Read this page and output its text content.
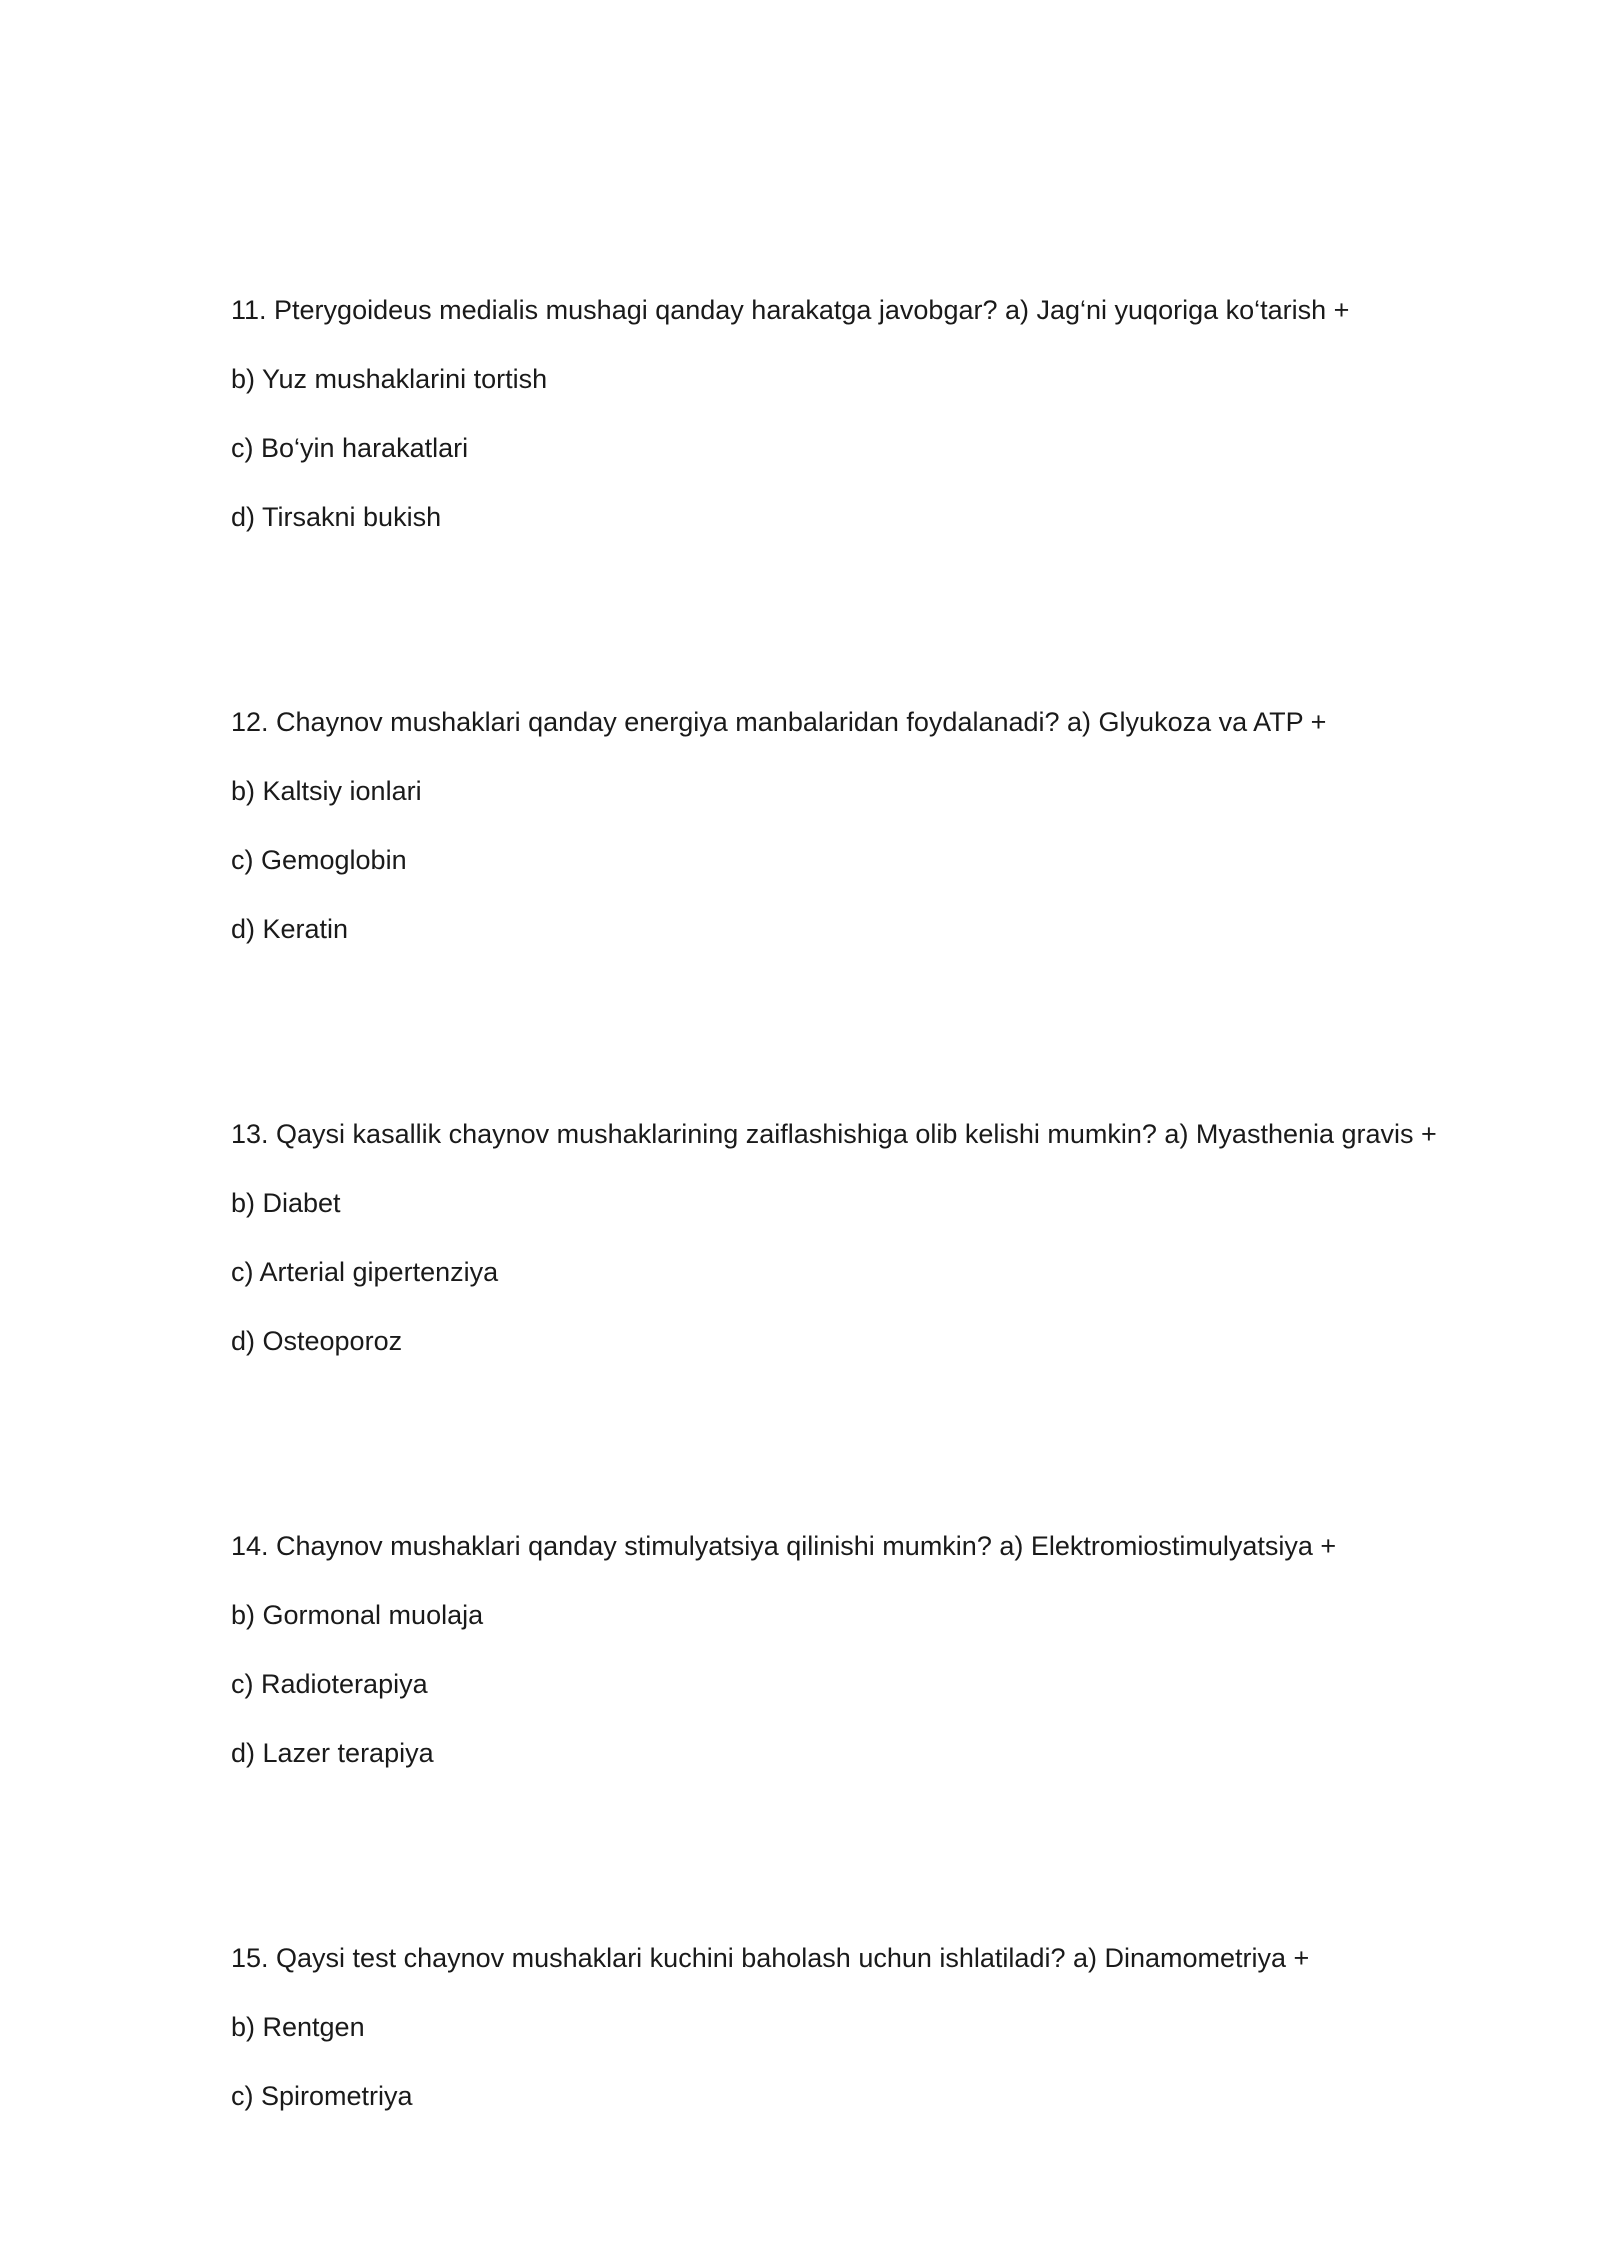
11. Pterygoideus medialis mushagi qanday harakatga javobgar? a) Jag‘ni yuqoriga ko‘tarish +

b) Yuz mushaklarini tortish

c) Bo‘yin harakatlari

d) Tirsakni bukish

12. Chaynov mushaklari qanday energiya manbalaridan foydalanadi? a) Glyukoza va ATP +

b) Kaltsiy ionlari

c) Gemoglobin

d) Keratin

13. Qaysi kasallik chaynov mushaklarining zaiflashishiga olib kelishi mumkin? a) Myasthenia gravis +

b) Diabet

c) Arterial gipertenziya

d) Osteoporoz

14. Chaynov mushaklari qanday stimulyatsiya qilinishi mumkin? a) Elektromiostimulyatsiya +

b) Gormonal muolaja

c) Radioterapiya

d) Lazer terapiya

15. Qaysi test chaynov mushaklari kuchini baholash uchun ishlatiladi? a) Dinamometriya +

b) Rentgen

c) Spirometriya
